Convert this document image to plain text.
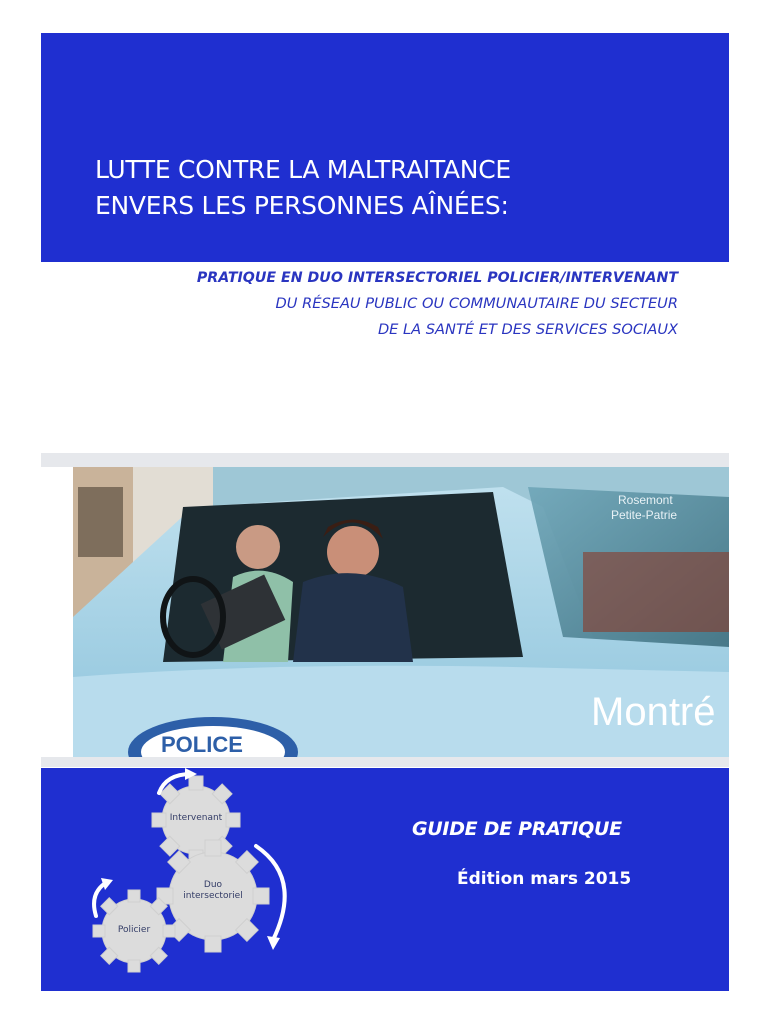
LUTTE CONTRE LA MALTRAITANCE
ENVERS LES PERSONNES AÎNÉES:
PRATIQUE EN DUO INTERSECTORIEL POLICIER/INTERVENANT
DU RÉSEAU PUBLIC OU COMMUNAUTAIRE DU SECTEUR
DE LA SANTÉ ET DES SERVICES SOCIAUX
Rosemont
Petite-Patrie
Montré
POLICE
Intervenant
Duo
intersectoriel
Policier
GUIDE DE PRATIQUE
Édition mars 2015
